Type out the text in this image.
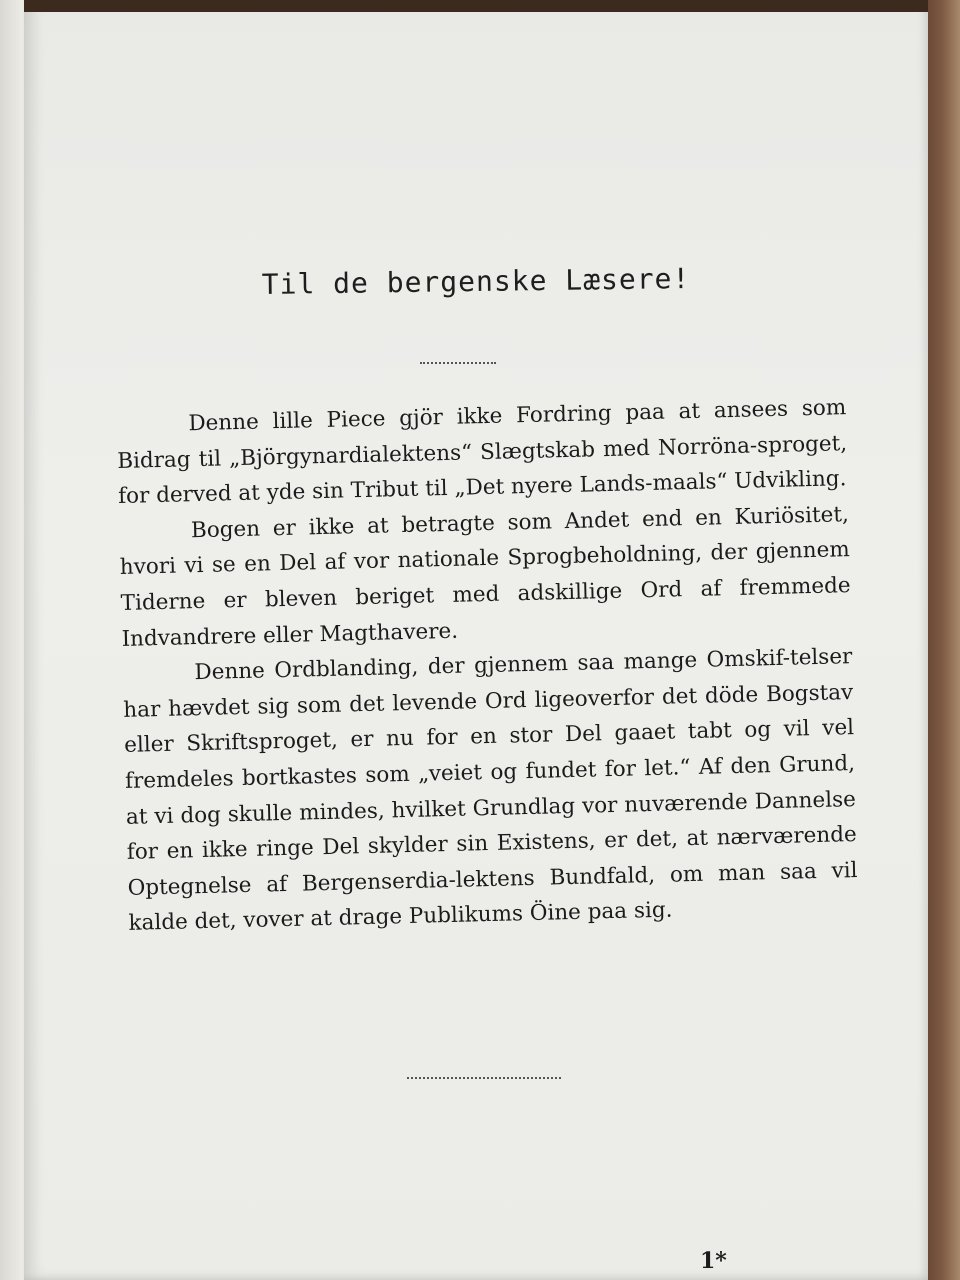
Til de bergenske Læsere!

Denne lille Piece gjör ikke Fordring paa at ansees som Bidrag til „Björgynardialektens“ Slægtskab med Norröna-sproget, for derved at yde sin Tribut til „Det nyere Lands-maals“ Udvikling.

Bogen er ikke at betragte som Andet end en Kuriösitet, hvori vi se en Del af vor nationale Sprogbeholdning, der gjennem Tiderne er bleven beriget med adskillige Ord af fremmede Indvandrere eller Magthavere.

Denne Ordblanding, der gjennem saa mange Omskif-telser har hævdet sig som det levende Ord ligeoverfor det döde Bogstav eller Skriftsproget, er nu for en stor Del gaaet tabt og vil vel fremdeles bortkastes som „veiet og fundet for let.“ Af den Grund, at vi dog skulle mindes, hvilket Grundlag vor nuværende Dannelse for en ikke ringe Del skylder sin Existens, er det, at nærværende Optegnelse af Bergenserdia-lektens Bundfald, om man saa vil kalde det, vover at drage Publikums Öine paa sig.

1*
